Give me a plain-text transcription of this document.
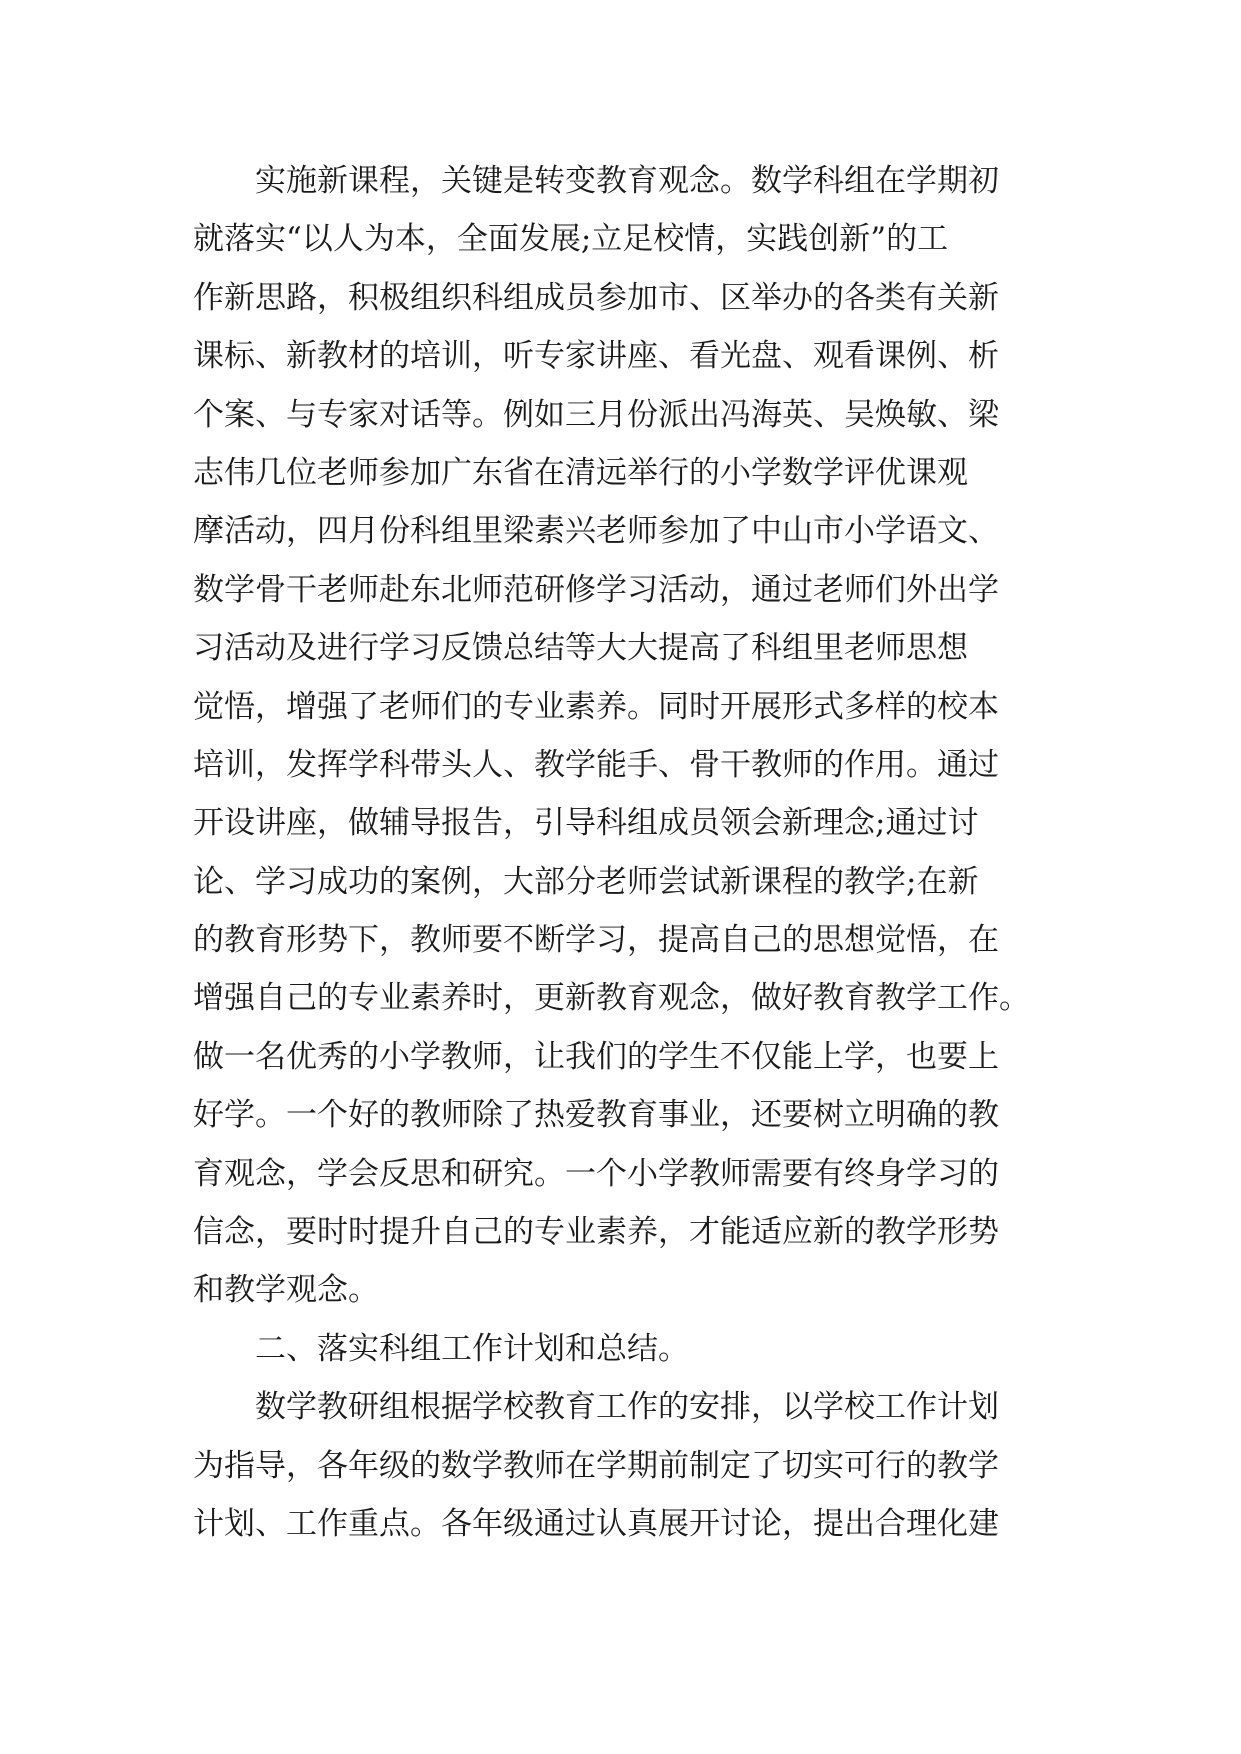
实施新课程，关键是转变教育观念。数学科组在学期初
就落实“以人为本，全面发展;立足校情，实践创新”的工
作新思路，积极组织科组成员参加市、区举办的各类有关新
课标、新教材的培训，听专家讲座、看光盘、观看课例、析
个案、与专家对话等。例如三月份派出冯海英、吴焕敏、梁
志伟几位老师参加广东省在清远举行的小学数学评优课观
摩活动，四月份科组里梁素兴老师参加了中山市小学语文、
数学骨干老师赴东北师范研修学习活动，通过老师们外出学
习活动及进行学习反馈总结等大大提高了科组里老师思想
觉悟，增强了老师们的专业素养。同时开展形式多样的校本
培训，发挥学科带头人、教学能手、骨干教师的作用。通过
开设讲座，做辅导报告，引导科组成员领会新理念;通过讨
论、学习成功的案例，大部分老师尝试新课程的教学;在新
的教育形势下，教师要不断学习，提高自己的思想觉悟，在
增强自己的专业素养时，更新教育观念，做好教育教学工作。
做一名优秀的小学教师，让我们的学生不仅能上学，也要上
好学。一个好的教师除了热爱教育事业，还要树立明确的教
育观念，学会反思和研究。一个小学教师需要有终身学习的
信念，要时时提升自己的专业素养，才能适应新的教学形势
和教学观念。
二、落实科组工作计划和总结。
数学教研组根据学校教育工作的安排，以学校工作计划
为指导，各年级的数学教师在学期前制定了切实可行的教学
计划、工作重点。各年级通过认真展开讨论，提出合理化建
